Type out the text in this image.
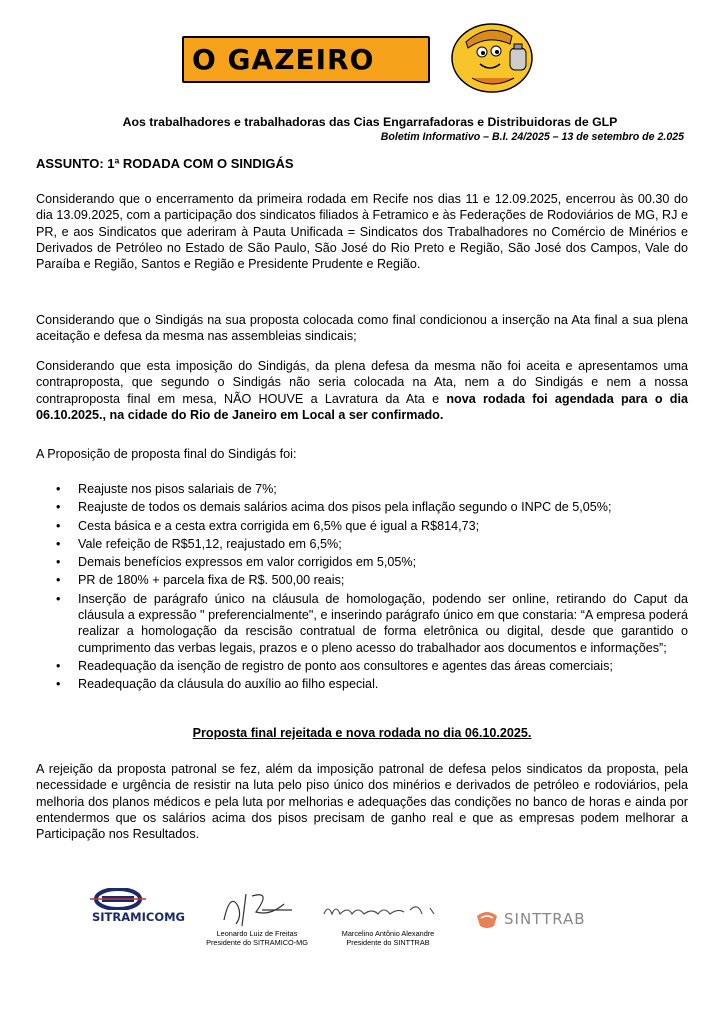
O GAZEIRO
Aos trabalhadores e trabalhadoras das Cias Engarrafadoras e Distribuidoras de GLP
Boletim Informativo – B.I. 24/2025 – 13 de setembro de 2.025
ASSUNTO: 1ª RODADA COM O SINDIGÁS

Considerando que o encerramento da primeira rodada em Recife nos dias 11 e 12.09.2025, encerrou às 00.30 do dia 13.09.2025, com a participação dos sindicatos filiados à Fetramico e às Federações de Rodoviários de MG, RJ e PR, e aos Sindicatos que aderiram à Pauta Unificada = Sindicatos dos Trabalhadores no Comércio de Minérios e Derivados de Petróleo no Estado de São Paulo, São José do Rio Preto e Região, São José dos Campos, Vale do Paraíba e Região, Santos e Região e Presidente Prudente e Região.

Considerando que o Sindigás na sua proposta colocada como final condicionou a inserção na Ata final a sua plena aceitação e defesa da mesma nas assembleias sindicais;

Considerando que esta imposição do Sindigás, da plena defesa da mesma não foi aceita e apresentamos uma contraproposta, que segundo o Sindigás não seria colocada na Ata, nem a do Sindigás e nem a nossa contraproposta final em mesa, NÃO HOUVE a Lavratura da Ata e nova rodada foi agendada para o dia 06.10.2025., na cidade do Rio de Janeiro em Local a ser confirmado.

A Proposição de proposta final do Sindigás foi:

• Reajuste nos pisos salariais de 7%;
• Reajuste de todos os demais salários acima dos pisos pela inflação segundo o INPC de 5,05%;
• Cesta básica e a cesta extra corrigida em 6,5% que é igual a R$814,73;
• Vale refeição de R$51,12, reajustado em 6,5%;
• Demais benefícios expressos em valor corrigidos em 5,05%;
• PR de 180% + parcela fixa de R$. 500,00 reais;
• Inserção de parágrafo único na cláusula de homologação, podendo ser online, retirando do Caput da cláusula a expressão " preferencialmente", e inserindo parágrafo único em que constaria: “A empresa poderá realizar a homologação da rescisão contratual de forma eletrônica ou digital, desde que garantido o cumprimento das verbas legais, prazos e o pleno acesso do trabalhador aos documentos e informações”;
• Readequação da isenção de registro de ponto aos consultores e agentes das áreas comerciais;
• Readequação da cláusula do auxílio ao filho especial.
Proposta final rejeitada e nova rodada no dia 06.10.2025.

A rejeição da proposta patronal se fez, além da imposição patronal de defesa pelos sindicatos da proposta, pela necessidade e urgência de resistir na luta pelo piso único dos minérios e derivados de petróleo e rodoviários, pela melhoria dos planos médicos e pela luta por melhorias e adequações das condições no banco de horas e ainda por entendermos que os salários acima dos pisos precisam de ganho real e que as empresas podem melhorar a Participação nos Resultados.

SITRAMICOMG
Leonardo Luiz de Freitas
Presidente do SITRAMICO-MG
Marcelino Antônio Alexandre
Presidente do SINTTRAB
SINTTRAB
